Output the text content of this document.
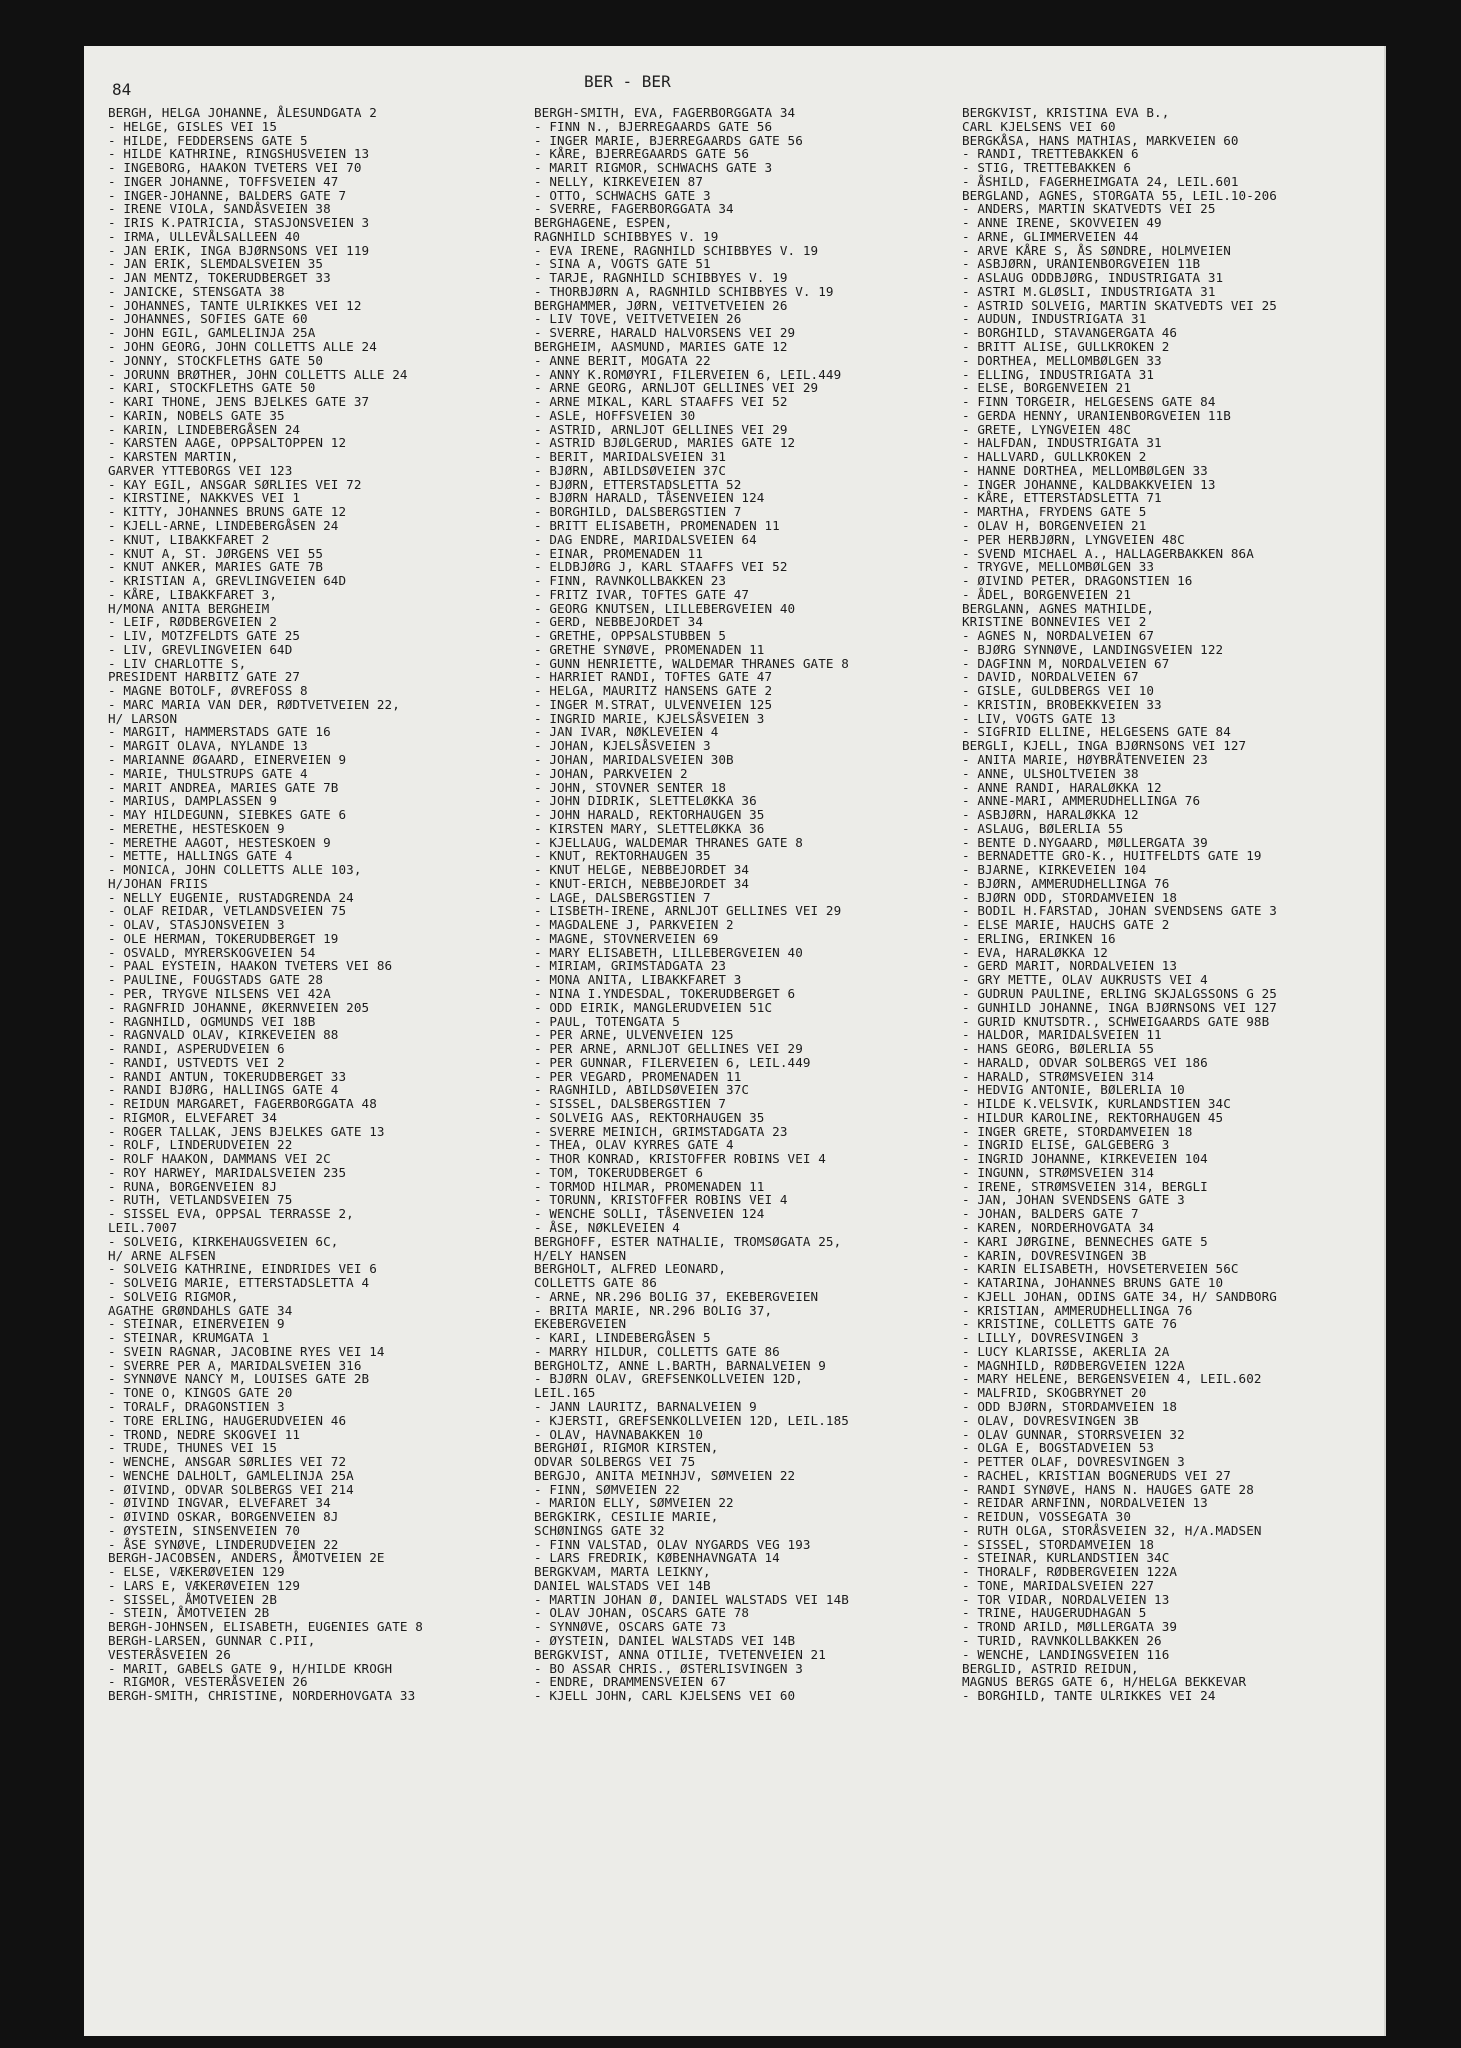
84	BER - BER
BERGH, HELGA JOHANNE, ÅLESUNDGATA 2
- HELGE, GISLES VEI 15
- HILDE, FEDDERSENS GATE 5
- HILDE KATHRINE, RINGSHUSVEIEN 13
- INGEBORG, HAAKON TVETERS VEI 70
- INGER JOHANNE, TOFFSVEIEN 47
- INGER-JOHANNE, BALDERS GATE 7
- IRENE VIOLA, SANDÅSVEIEN 38
- IRIS K.PATRICIA, STASJONSVEIEN 3
- IRMA, ULLEVÅLSALLEEN 40
- JAN ERIK, INGA BJØRNSONS VEI 119
- JAN ERIK, SLEMDALSVEIEN 35
- JAN MENTZ, TOKERUDBERGET 33
- JANICKE, STENSGATA 38
- JOHANNES, TANTE ULRIKKES VEI 12
- JOHANNES, SOFIES GATE 60
- JOHN EGIL, GAMLELINJA 25A
- JOHN GEORG, JOHN COLLETTS ALLE 24
- JONNY, STOCKFLETHS GATE 50
- JORUNN BRØTHER, JOHN COLLETTS ALLE 24
- KARI, STOCKFLETHS GATE 50
- KARI THONE, JENS BJELKES GATE 37
- KARIN, NOBELS GATE 35
- KARIN, LINDEBERGÅSEN 24
- KARSTEN AAGE, OPPSALTOPPEN 12
- KARSTEN MARTIN,
GARVER YTTEBORGS VEI 123
- KAY EGIL, ANSGAR SØRLIES VEI 72
- KIRSTINE, NAKKVES VEI 1
- KITTY, JOHANNES BRUNS GATE 12
- KJELL-ARNE, LINDEBERGÅSEN 24
- KNUT, LIBAKKFARET 2
- KNUT A, ST. JØRGENS VEI 55
- KNUT ANKER, MARIES GATE 7B
- KRISTIAN A, GREVLINGVEIEN 64D
- KÅRE, LIBAKKFARET 3,
H/MONA ANITA BERGHEIM
- LEIF, RØDBERGVEIEN 2
- LIV, MOTZFELDTS GATE 25
- LIV, GREVLINGVEIEN 64D
- LIV CHARLOTTE S,
PRESIDENT HARBITZ GATE 27
- MAGNE BOTOLF, ØVREFOSS 8
- MARC MARIA VAN DER, RØDTVETVEIEN 22,
H/ LARSON
- MARGIT, HAMMERSTADS GATE 16
- MARGIT OLAVA, NYLANDE 13
- MARIANNE ØGAARD, EINERVEIEN 9
- MARIE, THULSTRUPS GATE 4
- MARIT ANDREA, MARIES GATE 7B
- MARIUS, DAMPLASSEN 9
- MAY HILDEGUNN, SIEBKES GATE 6
- MERETHE, HESTESKOEN 9
- MERETHE AAGOT, HESTESKOEN 9
- METTE, HALLINGS GATE 4
- MONICA, JOHN COLLETTS ALLE 103,
H/JOHAN FRIIS
- NELLY EUGENIE, RUSTADGRENDA 24
- OLAF REIDAR, VETLANDSVEIEN 75
- OLAV, STASJONSVEIEN 3
- OLE HERMAN, TOKERUDBERGET 19
- OSVALD, MYRERSKOGVEIEN 54
- PAAL EYSTEIN, HAAKON TVETERS VEI 86
- PAULINE, FOUGSTADS GATE 28
- PER, TRYGVE NILSENS VEI 42A
- RAGNFRID JOHANNE, ØKERNVEIEN 205
- RAGNHILD, OGMUNDS VEI 18B
- RAGNVALD OLAV, KIRKEVEIEN 88
- RANDI, ASPERUDVEIEN 6
- RANDI, USTVEDTS VEI 2
- RANDI ANTUN, TOKERUDBERGET 33
- RANDI BJØRG, HALLINGS GATE 4
- REIDUN MARGARET, FAGERBORGGATA 48
- RIGMOR, ELVEFARET 34
- ROGER TALLAK, JENS BJELKES GATE 13
- ROLF, LINDERUDVEIEN 22
- ROLF HAAKON, DAMMANS VEI 2C
- ROY HARWEY, MARIDALSVEIEN 235
- RUNA, BORGENVEIEN 8J
- RUTH, VETLANDSVEIEN 75
- SISSEL EVA, OPPSAL TERRASSE 2,
LEIL.7007
- SOLVEIG, KIRKEHAUGSVEIEN 6C,
H/ ARNE ALFSEN
- SOLVEIG KATHRINE, EINDRIDES VEI 6
- SOLVEIG MARIE, ETTERSTADSLETTA 4
- SOLVEIG RIGMOR,
AGATHE GRØNDAHLS GATE 34
- STEINAR, EINERVEIEN 9
- STEINAR, KRUMGATA 1
- SVEIN RAGNAR, JACOBINE RYES VEI 14
- SVERRE PER A, MARIDALSVEIEN 316
- SYNNØVE NANCY M, LOUISES GATE 2B
- TONE O, KINGOS GATE 20
- TORALF, DRAGONSTIEN 3
- TORE ERLING, HAUGERUDVEIEN 46
- TROND, NEDRE SKOGVEI 11
- TRUDE, THUNES VEI 15
- WENCHE, ANSGAR SØRLIES VEI 72
- WENCHE DALHOLT, GAMLELINJA 25A
- ØIVIND, ODVAR SOLBERGS VEI 214
- ØIVIND INGVAR, ELVEFARET 34
- ØIVIND OSKAR, BORGENVEIEN 8J
- ØYSTEIN, SINSENVEIEN 70
- ÅSE SYNØVE, LINDERUDVEIEN 22
BERGH-JACOBSEN, ANDERS, ÅMOTVEIEN 2E
- ELSE, VÆKERØVEIEN 129
- LARS E, VÆKERØVEIEN 129
- SISSEL, ÅMOTVEIEN 2B
- STEIN, ÅMOTVEIEN 2B
BERGH-JOHNSEN, ELISABETH, EUGENIES GATE 8
BERGH-LARSEN, GUNNAR C.PII,
VESTERÅSVEIEN 26
- MARIT, GABELS GATE 9, H/HILDE KROGH
- RIGMOR, VESTERÅSVEIEN 26
BERGH-SMITH, CHRISTINE, NORDERHOVGATA 33
BERGH-SMITH, EVA, FAGERBORGGATA 34
- FINN N., BJERREGAARDS GATE 56
- INGER MARIE, BJERREGAARDS GATE 56
- KÅRE, BJERREGAARDS GATE 56
- MARIT RIGMOR, SCHWACHS GATE 3
- NELLY, KIRKEVEIEN 87
- OTTO, SCHWACHS GATE 3
- SVERRE, FAGERBORGGATA 34
BERGHAGENE, ESPEN,
RAGNHILD SCHIBBYES V. 19
- EVA IRENE, RAGNHILD SCHIBBYES V. 19
- SINA A, VOGTS GATE 51
- TARJE, RAGNHILD SCHIBBYES V. 19
- THORBJØRN A, RAGNHILD SCHIBBYES V. 19
BERGHAMMER, JØRN, VEITVETVEIEN 26
- LIV TOVE, VEITVETVEIEN 26
- SVERRE, HARALD HALVORSENS VEI 29
BERGHEIM, AASMUND, MARIES GATE 12
- ANNE BERIT, MOGATA 22
- ANNY K.ROMØYRI, FILERVEIEN 6, LEIL.449
- ARNE GEORG, ARNLJOT GELLINES VEI 29
- ARNE MIKAL, KARL STAAFFS VEI 52
- ASLE, HOFFSVEIEN 30
- ASTRID, ARNLJOT GELLINES VEI 29
- ASTRID BJØLGERUD, MARIES GATE 12
- BERIT, MARIDALSVEIEN 31
- BJØRN, ABILDSØVEIEN 37C
- BJØRN, ETTERSTADSLETTA 52
- BJØRN HARALD, TÅSENVEIEN 124
- BORGHILD, DALSBERGSTIEN 7
- BRITT ELISABETH, PROMENADEN 11
- DAG ENDRE, MARIDALSVEIEN 64
- EINAR, PROMENADEN 11
- ELDBJØRG J, KARL STAAFFS VEI 52
- FINN, RAVNKOLLBAKKEN 23
- FRITZ IVAR, TOFTES GATE 47
- GEORG KNUTSEN, LILLEBERGVEIEN 40
- GERD, NEBBEJORDET 34
- GRETHE, OPPSALSTUBBEN 5
- GRETHE SYNØVE, PROMENADEN 11
- GUNN HENRIETTE, WALDEMAR THRANES GATE 8
- HARRIET RANDI, TOFTES GATE 47
- HELGA, MAURITZ HANSENS GATE 2
- INGER M.STRAT, ULVENVEIEN 125
- INGRID MARIE, KJELSÅSVEIEN 3
- JAN IVAR, NØKLEVEIEN 4
- JOHAN, KJELSÅSVEIEN 3
- JOHAN, MARIDALSVEIEN 30B
- JOHAN, PARKVEIEN 2
- JOHN, STOVNER SENTER 18
- JOHN DIDRIK, SLETTELØKKA 36
- JOHN HARALD, REKTORHAUGEN 35
- KIRSTEN MARY, SLETTELØKKA 36
- KJELLAUG, WALDEMAR THRANES GATE 8
- KNUT, REKTORHAUGEN 35
- KNUT HELGE, NEBBEJORDET 34
- KNUT-ERICH, NEBBEJORDET 34
- LAGE, DALSBERGSTIEN 7
- LISBETH-IRENE, ARNLJOT GELLINES VEI 29
- MAGDALENE J, PARKVEIEN 2
- MAGNE, STOVNERVEIEN 69
- MARY ELISABETH, LILLEBERGVEIEN 40
- MIRIAM, GRIMSTADGATA 23
- MONA ANITA, LIBAKKFARET 3
- NINA I.YNDESDAL, TOKERUDBERGET 6
- ODD EIRIK, MANGLERUDVEIEN 51C
- PAUL, TOTENGATA 5
- PER ARNE, ULVENVEIEN 125
- PER ARNE, ARNLJOT GELLINES VEI 29
- PER GUNNAR, FILERVEIEN 6, LEIL.449
- PER VEGARD, PROMENADEN 11
- RAGNHILD, ABILDSØVEIEN 37C
- SISSEL, DALSBERGSTIEN 7
- SOLVEIG AAS, REKTORHAUGEN 35
- SVERRE MEINICH, GRIMSTADGATA 23
- THEA, OLAV KYRRES GATE 4
- THOR KONRAD, KRISTOFFER ROBINS VEI 4
- TOM, TOKERUDBERGET 6
- TORMOD HILMAR, PROMENADEN 11
- TORUNN, KRISTOFFER ROBINS VEI 4
- WENCHE SOLLI, TÅSENVEIEN 124
- ÅSE, NØKLEVEIEN 4
BERGHOFF, ESTER NATHALIE, TROMSØGATA 25,
H/ELY HANSEN
BERGHOLT, ALFRED LEONARD,
COLLETTS GATE 86
- ARNE, NR.296 BOLIG 37, EKEBERGVEIEN
- BRITA MARIE, NR.296 BOLIG 37,
EKEBERGVEIEN
- KARI, LINDEBERGÅSEN 5
- MARRY HILDUR, COLLETTS GATE 86
BERGHOLTZ, ANNE L.BARTH, BARNALVEIEN 9
- BJØRN OLAV, GREFSENKOLLVEIEN 12D,
LEIL.165
- JANN LAURITZ, BARNALVEIEN 9
- KJERSTI, GREFSENKOLLVEIEN 12D, LEIL.185
- OLAV, HAVNABAKKEN 10
BERGHØI, RIGMOR KIRSTEN,
ODVAR SOLBERGS VEI 75
BERGJO, ANITA MEINHJV, SØMVEIEN 22
- FINN, SØMVEIEN 22
- MARION ELLY, SØMVEIEN 22
BERGKIRK, CESILIE MARIE,
SCHØNINGS GATE 32
- FINN VALSTAD, OLAV NYGARDS VEG 193
- LARS FREDRIK, KØBENHAVNGATA 14
BERGKVAM, MARTA LEIKNY,
DANIEL WALSTADS VEI 14B
- MARTIN JOHAN Ø, DANIEL WALSTADS VEI 14B
- OLAV JOHAN, OSCARS GATE 78
- SYNNØVE, OSCARS GATE 73
- ØYSTEIN, DANIEL WALSTADS VEI 14B
BERGKVIST, ANNA OTILIE, TVETENVEIEN 21
- BO ASSAR CHRIS., ØSTERLISVINGEN 3
- ENDRE, DRAMMENSVEIEN 67
- KJELL JOHN, CARL KJELSENS VEI 60
BERGKVIST, KRISTINA EVA B.,
CARL KJELSENS VEI 60
BERGKÅSA, HANS MATHIAS, MARKVEIEN 60
- RANDI, TRETTEBAKKEN 6
- STIG, TRETTEBAKKEN 6
- ÅSHILD, FAGERHEIMGATA 24, LEIL.601
BERGLAND, AGNES, STORGATA 55, LEIL.10-206
- ANDERS, MARTIN SKATVEDTS VEI 25
- ANNE IRENE, SKOVVEIEN 49
- ARNE, GLIMMERVEIEN 44
- ARVE KÅRE S, ÅS SØNDRE, HOLMVEIEN
- ASBJØRN, URANIENBORGVEIEN 11B
- ASLAUG ODDBJØRG, INDUSTRIGATA 31
- ASTRI M.GLØSLI, INDUSTRIGATA 31
- ASTRID SOLVEIG, MARTIN SKATVEDTS VEI 25
- AUDUN, INDUSTRIGATA 31
- BORGHILD, STAVANGERGATA 46
- BRITT ALISE, GULLKROKEN 2
- DORTHEA, MELLOMBØLGEN 33
- ELLING, INDUSTRIGATA 31
- ELSE, BORGENVEIEN 21
- FINN TORGEIR, HELGESENS GATE 84
- GERDA HENNY, URANIENBORGVEIEN 11B
- GRETE, LYNGVEIEN 48C
- HALFDAN, INDUSTRIGATA 31
- HALLVARD, GULLKROKEN 2
- HANNE DORTHEA, MELLOMBØLGEN 33
- INGER JOHANNE, KALDBAKKVEIEN 13
- KÅRE, ETTERSTADSLETTA 71
- MARTHA, FRYDENS GATE 5
- OLAV H, BORGENVEIEN 21
- PER HERBJØRN, LYNGVEIEN 48C
- SVEND MICHAEL A., HALLAGERBAKKEN 86A
- TRYGVE, MELLOMBØLGEN 33
- ØIVIND PETER, DRAGONSTIEN 16
- ÅDEL, BORGENVEIEN 21
BERGLANN, AGNES MATHILDE,
KRISTINE BONNEVIES VEI 2
- AGNES N, NORDALVEIEN 67
- BJØRG SYNNØVE, LANDINGSVEIEN 122
- DAGFINN M, NORDALVEIEN 67
- DAVID, NORDALVEIEN 67
- GISLE, GULDBERGS VEI 10
- KRISTIN, BROBEKKVEIEN 33
- LIV, VOGTS GATE 13
- SIGFRID ELLINE, HELGESENS GATE 84
BERGLI, KJELL, INGA BJØRNSONS VEI 127
- ANITA MARIE, HØYBRÅTENVEIEN 23
- ANNE, ULSHOLTVEIEN 38
- ANNE RANDI, HARALØKKA 12
- ANNE-MARI, AMMERUDHELLINGA 76
- ASBJØRN, HARALØKKA 12
- ASLAUG, BØLERLIA 55
- BENTE D.NYGAARD, MØLLERGATA 39
- BERNADETTE GRO-K., HUITFELDTS GATE 19
- BJARNE, KIRKEVEIEN 104
- BJØRN, AMMERUDHELLINGA 76
- BJØRN ODD, STORDAMVEIEN 18
- BODIL H.FARSTAD, JOHAN SVENDSENS GATE 3
- ELSE MARIE, HAUCHS GATE 2
- ERLING, ERINKEN 16
- EVA, HARALØKKA 12
- GERD MARIT, NORDALVEIEN 13
- GRY METTE, OLAV AUKRUSTS VEI 4
- GUDRUN PAULINE, ERLING SKJALGSSONS G 25
- GUNHILD JOHANNE, INGA BJØRNSONS VEI 127
- GURID KNUTSDTR., SCHWEIGAARDS GATE 98B
- HALDOR, MARIDALSVEIEN 11
- HANS GEORG, BØLERLIA 55
- HARALD, ODVAR SOLBERGS VEI 186
- HARALD, STRØMSVEIEN 314
- HEDVIG ANTONIE, BØLERLIA 10
- HILDE K.VELSVIK, KURLANDSTIEN 34C
- HILDUR KAROLINE, REKTORHAUGEN 45
- INGER GRETE, STORDAMVEIEN 18
- INGRID ELISE, GALGEBERG 3
- INGRID JOHANNE, KIRKEVEIEN 104
- INGUNN, STRØMSVEIEN 314
- IRENE, STRØMSVEIEN 314, BERGLI
- JAN, JOHAN SVENDSENS GATE 3
- JOHAN, BALDERS GATE 7
- KAREN, NORDERHOVGATA 34
- KARI JØRGINE, BENNECHES GATE 5
- KARIN, DOVRESVINGEN 3B
- KARIN ELISABETH, HOVSETERVEIEN 56C
- KATARINA, JOHANNES BRUNS GATE 10
- KJELL JOHAN, ODINS GATE 34, H/ SANDBORG
- KRISTIAN, AMMERUDHELLINGA 76
- KRISTINE, COLLETTS GATE 76
- LILLY, DOVRESVINGEN 3
- LUCY KLARISSE, AKERLIA 2A
- MAGNHILD, RØDBERGVEIEN 122A
- MARY HELENE, BERGENSVEIEN 4, LEIL.602
- MALFRID, SKOGBRYNET 20
- ODD BJØRN, STORDAMVEIEN 18
- OLAV, DOVRESVINGEN 3B
- OLAV GUNNAR, STORRSVEIEN 32
- OLGA E, BOGSTADVEIEN 53
- PETTER OLAF, DOVRESVINGEN 3
- RACHEL, KRISTIAN BOGNERUDS VEI 27
- RANDI SYNØVE, HANS N. HAUGES GATE 28
- REIDAR ARNFINN, NORDALVEIEN 13
- REIDUN, VOSSEGATA 30
- RUTH OLGA, STORÅSVEIEN 32, H/A.MADSEN
- SISSEL, STORDAMVEIEN 18
- STEINAR, KURLANDSTIEN 34C
- THORALF, RØDBERGVEIEN 122A
- TONE, MARIDALSVEIEN 227
- TOR VIDAR, NORDALVEIEN 13
- TRINE, HAUGERUDHAGAN 5
- TROND ARILD, MØLLERGATA 39
- TURID, RAVNKOLLBAKKEN 26
- WENCHE, LANDINGSVEIEN 116
BERGLID, ASTRID REIDUN,
MAGNUS BERGS GATE 6, H/HELGA BEKKEVAR
- BORGHILD, TANTE ULRIKKES VEI 24
